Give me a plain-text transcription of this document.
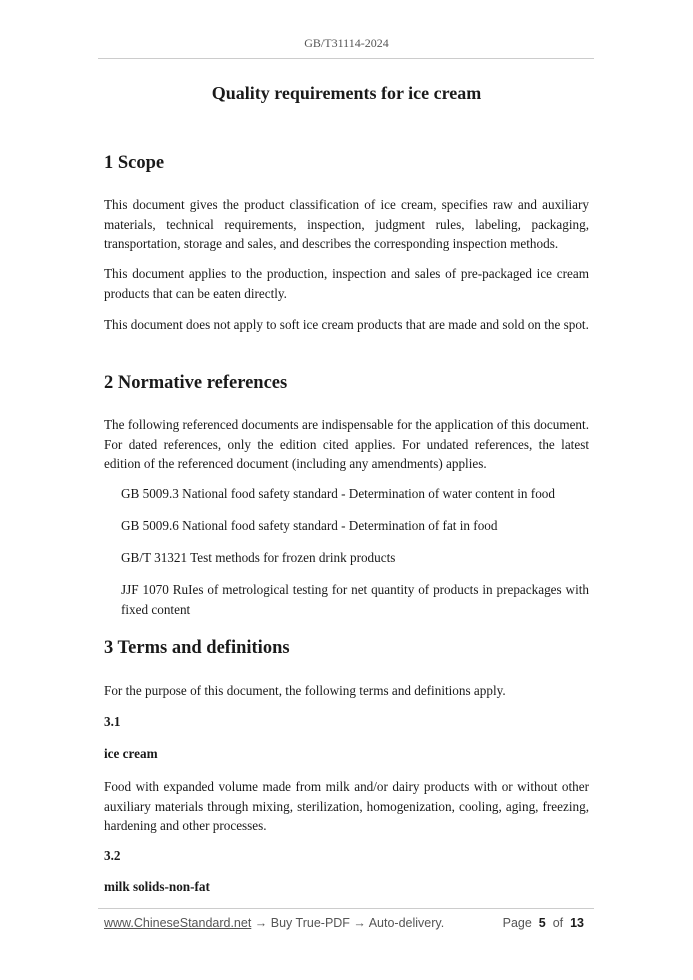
GB/T31114-2024
Quality requirements for ice cream
1 Scope

This document gives the product classification of ice cream, specifies raw and auxiliary materials, technical requirements, inspection, judgment rules, labeling, packaging, transportation, storage and sales, and describes the corresponding inspection methods.

This document applies to the production, inspection and sales of pre-packaged ice cream products that can be eaten directly.

This document does not apply to soft ice cream products that are made and sold on the spot.

2 Normative references

The following referenced documents are indispensable for the application of this document. For dated references, only the edition cited applies. For undated references, the latest edition of the referenced document (including any amendments) applies.

GB 5009.3 National food safety standard - Determination of water content in food

GB 5009.6 National food safety standard - Determination of fat in food

GB/T 31321 Test methods for frozen drink products

JJF 1070 RuIes of metrological testing for net quantity of products in prepackages with fixed content

3 Terms and definitions

For the purpose of this document, the following terms and definitions apply.

3.1
ice cream

Food with expanded volume made from milk and/or dairy products with or without other auxiliary materials through mixing, sterilization, homogenization, cooling, aging, freezing, hardening and other processes.

3.2
milk solids-non-fat
www.ChineseStandard.net → Buy True-PDF → Auto-delivery.	Page 5 of 13
